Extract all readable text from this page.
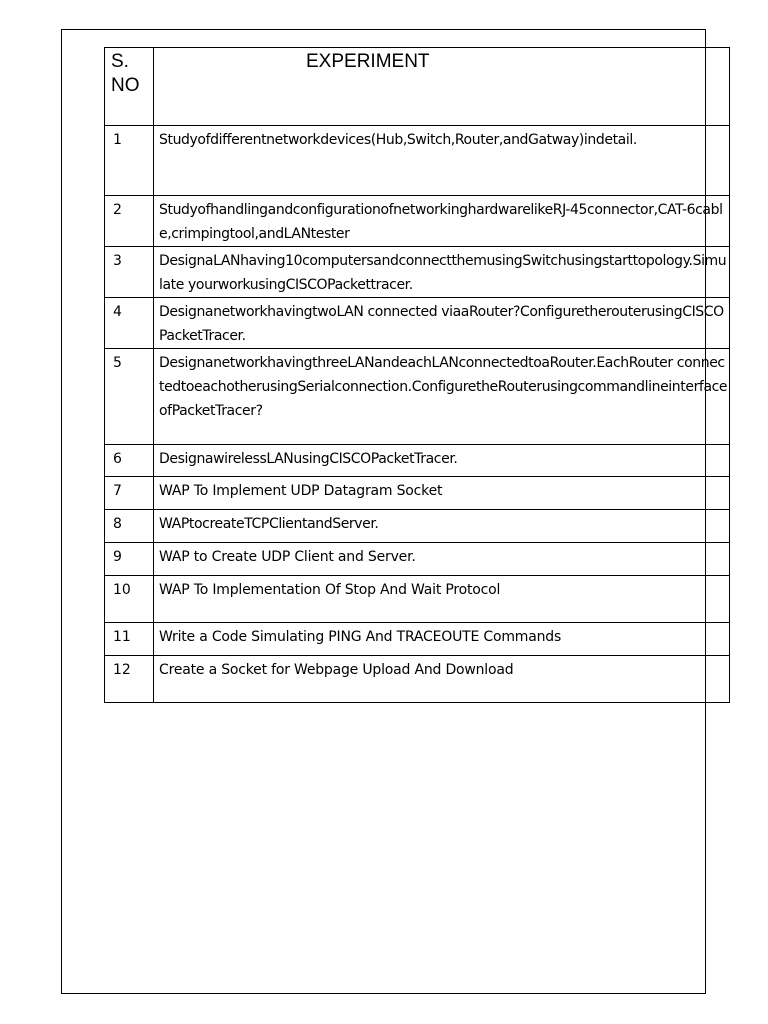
S.
NO	EXPERIMENT

1	Studyofdifferentnetworkdevices(Hub,Switch,Router,andGatway)indetail.
2	StudyofhandlingandconfigurationofnetworkinghardwarelikeRJ-45connector,CAT-6cable,crimpingtool,andLANtester
3	DesignaLANhaving10computersandconnectthemusingSwitchusingstarttopology.Simulate yourworkusingCISCOPackettracer.
4	DesignanetworkhavingtwoLAN connected viaaRouter?ConfiguretherouterusingCISCOPacketTracer.
5	DesignanetworkhavingthreeLANandeachLANconnectedtoaRouter.EachRouter connectedtoeachotherusingSerialconnection.ConfiguretheRouterusingcommandlineinterfaceofPacketTracer?
6	DesignawirelessLANusingCISCOPacketTracer.
7	WAP To Implement UDP Datagram Socket
8	WAPtocreateTCPClientandServer.
9	WAP to Create UDP Client and Server.
10	WAP To Implementation Of Stop And Wait Protocol
11	Write a Code Simulating PING And TRACEOUTE Commands
12	Create a Socket for Webpage Upload And Download
